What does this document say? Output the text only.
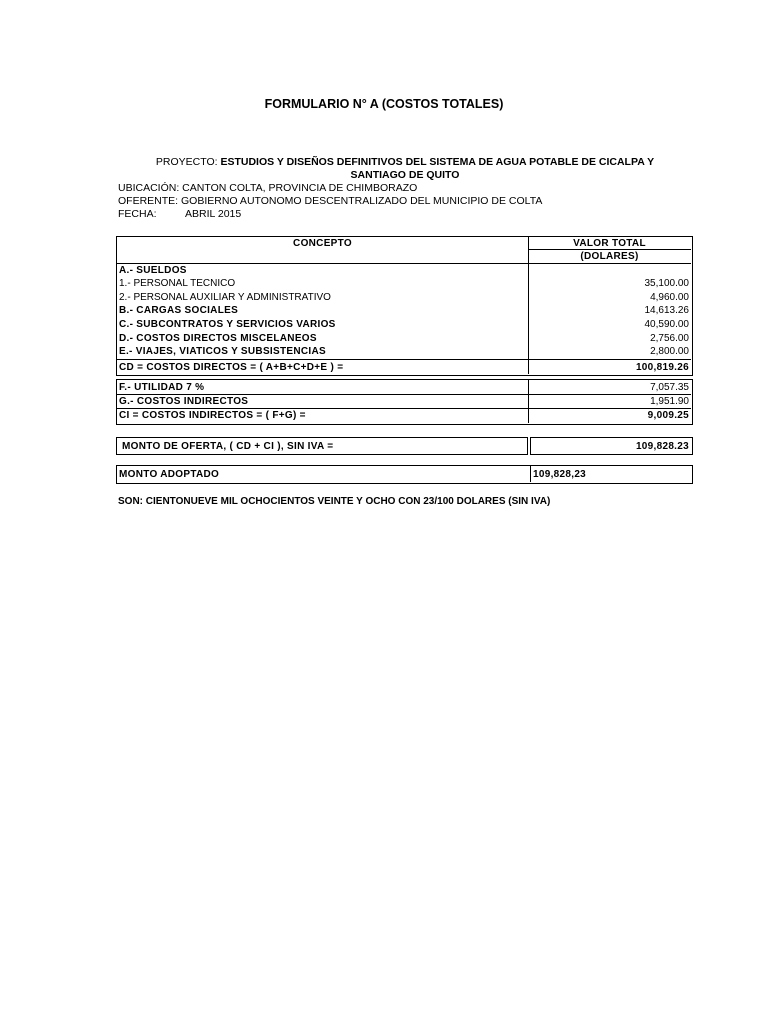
FORMULARIO N° A (COSTOS TOTALES)
PROYECTO: ESTUDIOS Y DISEÑOS DEFINITIVOS DEL SISTEMA DE AGUA POTABLE DE CICALPA Y
SANTIAGO DE QUITO
UBICACIÓN: CANTON COLTA, PROVINCIA DE CHIMBORAZO
OFERENTE: GOBIERNO AUTONOMO DESCENTRALIZADO DEL MUNICIPIO DE COLTA
FECHA:	ABRIL 2015
CONCEPTO	VALOR TOTAL
(DOLARES)
A.- SUELDOS
1.- PERSONAL TECNICO	35,100.00
2.- PERSONAL AUXILIAR Y ADMINISTRATIVO	4,960.00
B.- CARGAS SOCIALES	14,613.26
C.- SUBCONTRATOS Y SERVICIOS VARIOS	40,590.00
D.- COSTOS DIRECTOS MISCELANEOS	2,756.00
E.- VIAJES, VIATICOS Y SUBSISTENCIAS	2,800.00
CD = COSTOS DIRECTOS = ( A+B+C+D+E ) =	100,819.26
F.- UTILIDAD 7 %	7,057.35
G.- COSTOS INDIRECTOS	1,951.90
CI = COSTOS INDIRECTOS = ( F+G) =	9,009.25
MONTO DE OFERTA, ( CD + CI ), SIN IVA =	109,828.23
MONTO ADOPTADO	109,828,23
SON: CIENTONUEVE MIL OCHOCIENTOS VEINTE Y OCHO CON 23/100 DOLARES (SIN IVA)
